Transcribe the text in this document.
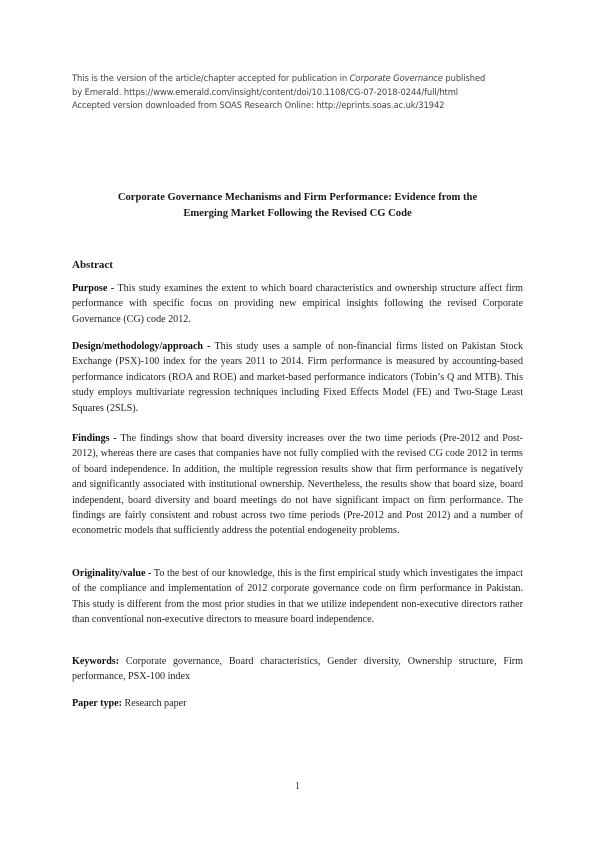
This is the version of the article/chapter accepted for publication in Corporate Governance published
by Emerald. https://www.emerald.com/insight/content/doi/10.1108/CG-07-2018-0244/full/html
Accepted version downloaded from SOAS Research Online: http://eprints.soas.ac.uk/31942
Corporate Governance Mechanisms and Firm Performance: Evidence from the
Emerging Market Following the Revised CG Code
Abstract
Purpose - This study examines the extent to which board characteristics and ownership structure affect firm performance with specific focus on providing new empirical insights following the revised Corporate Governance (CG) code 2012.
Design/methodology/approach - This study uses a sample of non-financial firms listed on Pakistan Stock Exchange (PSX)-100 index for the years 2011 to 2014. Firm performance is measured by accounting-based performance indicators (ROA and ROE) and market-based performance indicators (Tobin’s Q and MTB). This study employs multivariate regression techniques including Fixed Effects Model (FE) and Two-Stage Least Squares (2SLS).
Findings - The findings show that board diversity increases over the two time periods (Pre-2012 and Post-2012), whereas there are cases that companies have not fully complied with the revised CG code 2012 in terms of board independence. In addition, the multiple regression results show that firm performance is negatively and significantly associated with institutional ownership. Nevertheless, the results show that board size, board independent, board diversity and board meetings do not have significant impact on firm performance. The findings are fairly consistent and robust across two time periods (Pre-2012 and Post 2012) and a number of econometric models that sufficiently address the potential endogeneity problems.
Originality/value - To the best of our knowledge, this is the first empirical study which investigates the impact of the compliance and implementation of 2012 corporate governance code on firm performance in Pakistan. This study is different from the most prior studies in that we utilize independent non-executive directors rather than conventional non-executive directors to measure board independence.
Keywords: Corporate governance, Board characteristics, Gender diversity, Ownership structure, Firm performance, PSX-100 index
Paper type: Research paper
1
